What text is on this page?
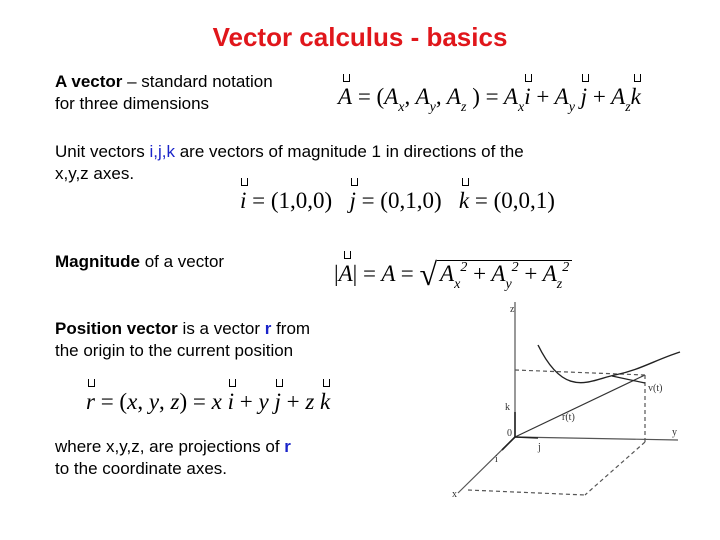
Vector calculus - basics
A vector – standard notation
for three dimensions	$A = (A_x$, $A_y$, $A_z$ ) = $A_xi + A_y$ $j + A_zk$
Unit vectors i,j,k are vectors of magnitude 1 in directions of the
x,y,z axes.
i = (1,0,0) j = (0,1,0) k = (0,0,1)
Magnitude of a vector	|A| = A = √ $A_x^2 + A_y^2 + A_z^2$
Position vector is a vector r from
the origin to the current position
r = (x, y, z) = x i + y j + z k
where x,y,z, are projections of r
to the coordinate axes.
z
y
x
0
k
j
i
v(t)
r(t)
